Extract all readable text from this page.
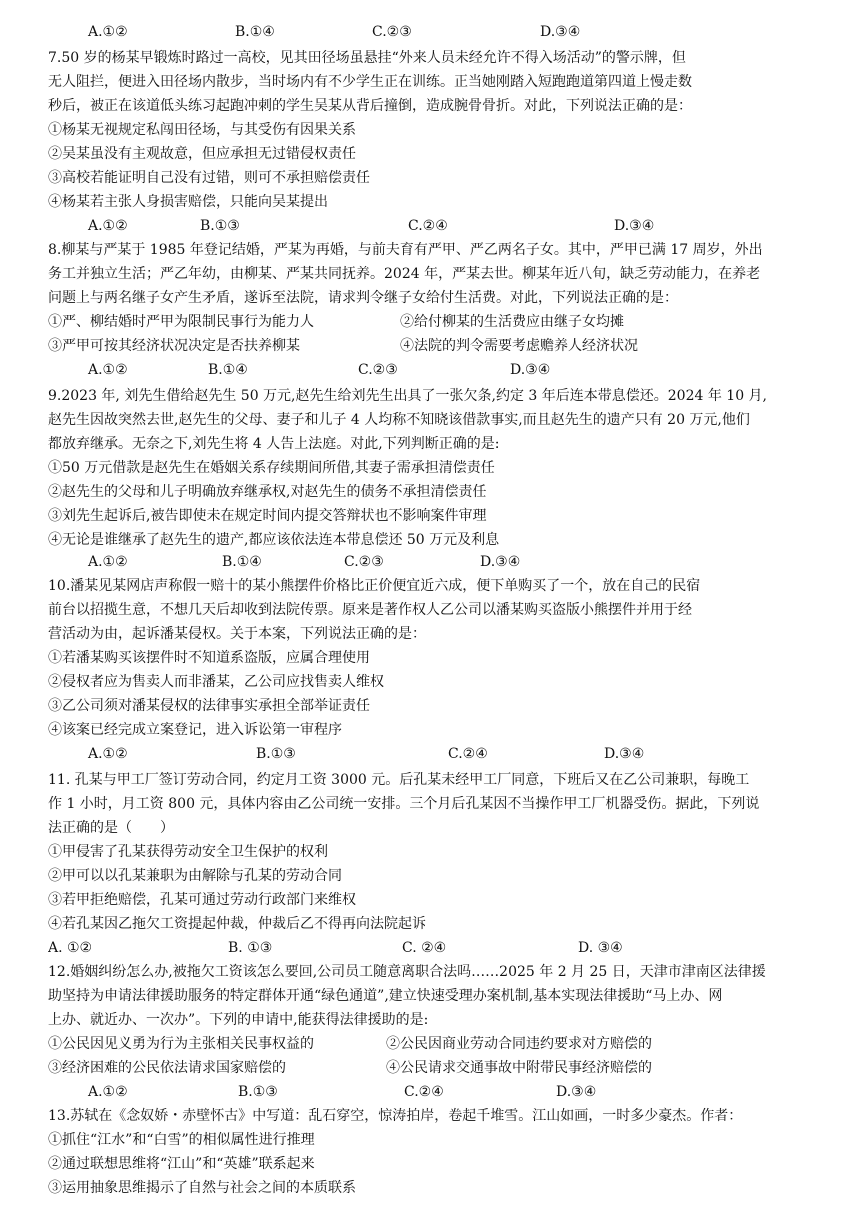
A.①②	B.①④	C.②③	D.③④
7.50 岁的杨某早锻炼时路过一高校，见其田径场虽悬挂“外来人员未经允许不得入场活动”的警示牌，但
无人阻拦，便进入田径场内散步，当时场内有不少学生正在训练。正当她刚踏入短跑跑道第四道上慢走数
秒后，被正在该道低头练习起跑冲刺的学生吴某从背后撞倒，造成腕骨骨折。对此，下列说法正确的是：
①杨某无视规定私闯田径场，与其受伤有因果关系
②吴某虽没有主观故意，但应承担无过错侵权责任
③高校若能证明自己没有过错，则可不承担赔偿责任
④杨某若主张人身损害赔偿，只能向吴某提出
A.①②	B.①③	C.②④	D.③④
8.柳某与严某于 1985 年登记结婚，严某为再婚，与前夫育有严甲、严乙两名子女。其中，严甲已满 17 周岁，外出
务工并独立生活；严乙年幼，由柳某、严某共同抚养。2024 年，严某去世。柳某年近八旬，缺乏劳动能力，在养老
问题上与两名继子女产生矛盾，遂诉至法院，请求判令继子女给付生活费。对此，下列说法正确的是：
①严、柳结婚时严甲为限制民事行为能力人	②给付柳某的生活费应由继子女均摊
③严甲可按其经济状况决定是否扶养柳某	④法院的判令需要考虑赡养人经济状况
A.①②	B.①④	C.②③	D.③④
9.2023 年, 刘先生借给赵先生 50 万元,赵先生给刘先生出具了一张欠条,约定 3 年后连本带息偿还。2024 年 10 月,
赵先生因故突然去世,赵先生的父母、妻子和儿子 4 人均称不知晓该借款事实,而且赵先生的遗产只有 20 万元,他们
都放弃继承。无奈之下,刘先生将 4 人告上法庭。对此,下列判断正确的是:
①50 万元借款是赵先生在婚姻关系存续期间所借,其妻子需承担清偿责任
②赵先生的父母和儿子明确放弃继承权,对赵先生的债务不承担清偿责任
③刘先生起诉后,被告即使未在规定时间内提交答辩状也不影响案件审理
④无论是谁继承了赵先生的遗产,都应该依法连本带息偿还 50 万元及利息
A.①②	B.①④	C.②③	D.③④
10.潘某见某网店声称假一赔十的某小熊摆件价格比正价便宜近六成，便下单购买了一个，放在自己的民宿
前台以招揽生意，不想几天后却收到法院传票。原来是著作权人乙公司以潘某购买盗版小熊摆件并用于经
营活动为由，起诉潘某侵权。关于本案，下列说法正确的是：
①若潘某购买该摆件时不知道系盗版，应属合理使用
②侵权者应为售卖人而非潘某，乙公司应找售卖人维权
③乙公司须对潘某侵权的法律事实承担全部举证责任
④该案已经完成立案登记，进入诉讼第一审程序
A.①②	B.①③	C.②④	D.③④
11. 孔某与甲工厂签订劳动合同，约定月工资 3000 元。后孔某未经甲工厂同意，下班后又在乙公司兼职，每晚工
作 1 小时，月工资 800 元，具体内容由乙公司统一安排。三个月后孔某因不当操作甲工厂机器受伤。据此，下列说
法正确的是（　　）
①甲侵害了孔某获得劳动安全卫生保护的权利
②甲可以以孔某兼职为由解除与孔某的劳动合同
③若甲拒绝赔偿，孔某可通过劳动行政部门来维权
④若孔某因乙拖欠工资提起仲裁，仲裁后乙不得再向法院起诉
A. ①②	B. ①③	C. ②④	D. ③④
12.婚姻纠纷怎么办,被拖欠工资该怎么要回,公司员工随意离职合法吗……2025 年 2 月 25 日，天津市津南区法律援
助坚持为申请法律援助服务的特定群体开通“绿色通道”,建立快速受理办案机制,基本实现法律援助“马上办、网
上办、就近办、一次办”。下列的申请中,能获得法律援助的是:
①公民因见义勇为行为主张相关民事权益的	②公民因商业劳动合同违约要求对方赔偿的
③经济困难的公民依法请求国家赔偿的	④公民请求交通事故中附带民事经济赔偿的
A.①②	B.①③	C.②④	D.③④
13.苏轼在《念奴娇・赤壁怀古》中写道：乱石穿空，惊涛拍岸，卷起千堆雪。江山如画，一时多少豪杰。作者：
①抓住“江水”和“白雪”的相似属性进行推理
②通过联想思维将“江山”和“英雄”联系起来
③运用抽象思维揭示了自然与社会之间的本质联系
